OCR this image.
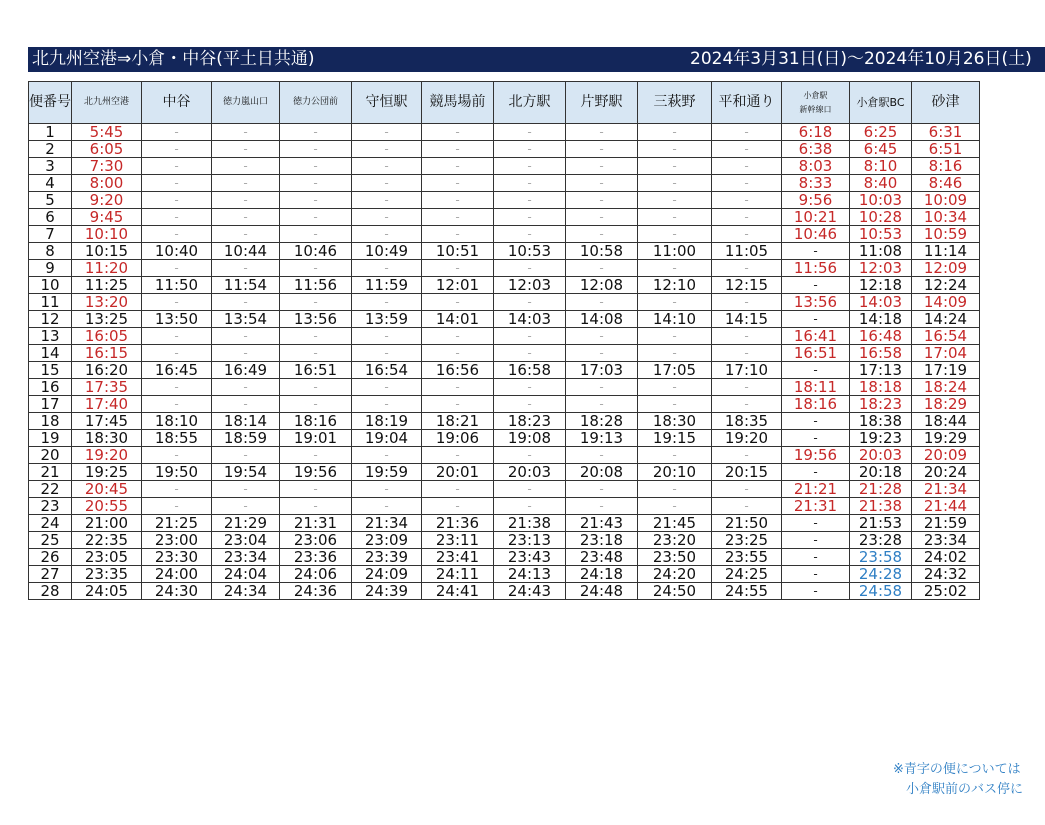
北九州空港⇒小倉・中谷(平土日共通)	2024年3月31日(日)～2024年10月26日(土)
便番号	北九州空港	中谷	徳力嵐山口	徳力公団前	守恒駅	競馬場前	北方駅	片野駅	三萩野	平和通り	小倉駅
新幹線口	小倉駅BC	砂津
1	5:45	-	-	-	-	-	-	-	-	-	6:18	6:25	6:31
2	6:05	-	-	-	-	-	-	-	-	-	6:38	6:45	6:51
3	7:30	-	-	-	-	-	-	-	-	-	8:03	8:10	8:16
4	8:00	-	-	-	-	-	-	-	-	-	8:33	8:40	8:46
5	9:20	-	-	-	-	-	-	-	-	-	9:56	10:03	10:09
6	9:45	-	-	-	-	-	-	-	-	-	10:21	10:28	10:34
7	10:10	-	-	-	-	-	-	-	-	-	10:46	10:53	10:59
8	10:15	10:40	10:44	10:46	10:49	10:51	10:53	10:58	11:00	11:05	-	11:08	11:14
9	11:20	-	-	-	-	-	-	-	-	-	11:56	12:03	12:09
10	11:25	11:50	11:54	11:56	11:59	12:01	12:03	12:08	12:10	12:15	-	12:18	12:24
11	13:20	-	-	-	-	-	-	-	-	-	13:56	14:03	14:09
12	13:25	13:50	13:54	13:56	13:59	14:01	14:03	14:08	14:10	14:15	-	14:18	14:24
13	16:05	-	-	-	-	-	-	-	-	-	16:41	16:48	16:54
14	16:15	-	-	-	-	-	-	-	-	-	16:51	16:58	17:04
15	16:20	16:45	16:49	16:51	16:54	16:56	16:58	17:03	17:05	17:10	-	17:13	17:19
16	17:35	-	-	-	-	-	-	-	-	-	18:11	18:18	18:24
17	17:40	-	-	-	-	-	-	-	-	-	18:16	18:23	18:29
18	17:45	18:10	18:14	18:16	18:19	18:21	18:23	18:28	18:30	18:35	-	18:38	18:44
19	18:30	18:55	18:59	19:01	19:04	19:06	19:08	19:13	19:15	19:20	-	19:23	19:29
20	19:20	-	-	-	-	-	-	-	-	-	19:56	20:03	20:09
21	19:25	19:50	19:54	19:56	19:59	20:01	20:03	20:08	20:10	20:15	-	20:18	20:24
22	20:45	-	-	-	-	-	-	-	-	-	21:21	21:28	21:34
23	20:55	-	-	-	-	-	-	-	-	-	21:31	21:38	21:44
24	21:00	21:25	21:29	21:31	21:34	21:36	21:38	21:43	21:45	21:50	-	21:53	21:59
25	22:35	23:00	23:04	23:06	23:09	23:11	23:13	23:18	23:20	23:25	-	23:28	23:34
26	23:05	23:30	23:34	23:36	23:39	23:41	23:43	23:48	23:50	23:55	-	23:58	24:02
27	23:35	24:00	24:04	24:06	24:09	24:11	24:13	24:18	24:20	24:25	-	24:28	24:32
28	24:05	24:30	24:34	24:36	24:39	24:41	24:43	24:48	24:50	24:55	-	24:58	25:02
※青字の便については
小倉駅前のバス停に
